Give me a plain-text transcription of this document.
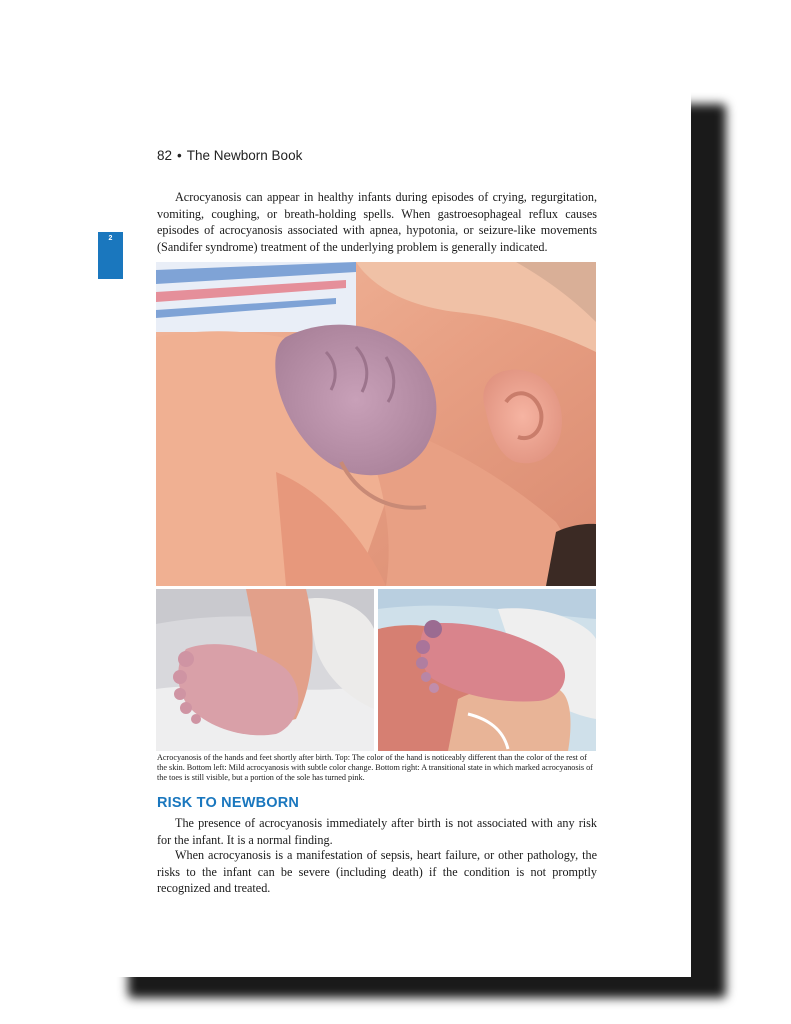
82 • The Newborn Book
2

Acrocyanosis can appear in healthy infants during episodes of crying, regurgitation, vomiting, coughing, or breath-holding spells. When gastroesophageal reflux causes episodes of acrocyanosis associated with apnea, hypotonia, or seizure-like movements (Sandifer syndrome) treatment of the underlying problem is generally indicated.

Acrocyanosis of the hands and feet shortly after birth. Top: The color of the hand is noticeably different than the color of the rest of the skin. Bottom left: Mild acrocyanosis with subtle color change. Bottom right: A transitional state in which marked acrocyanosis of the toes is still visible, but a portion of the sole has turned pink.

RISK TO NEWBORN

The presence of acrocyanosis immediately after birth is not associated with any risk for the infant. It is a normal finding.

When acrocyanosis is a manifestation of sepsis, heart failure, or other pathology, the risks to the infant can be severe (including death) if the condition is not promptly recognized and treated.
